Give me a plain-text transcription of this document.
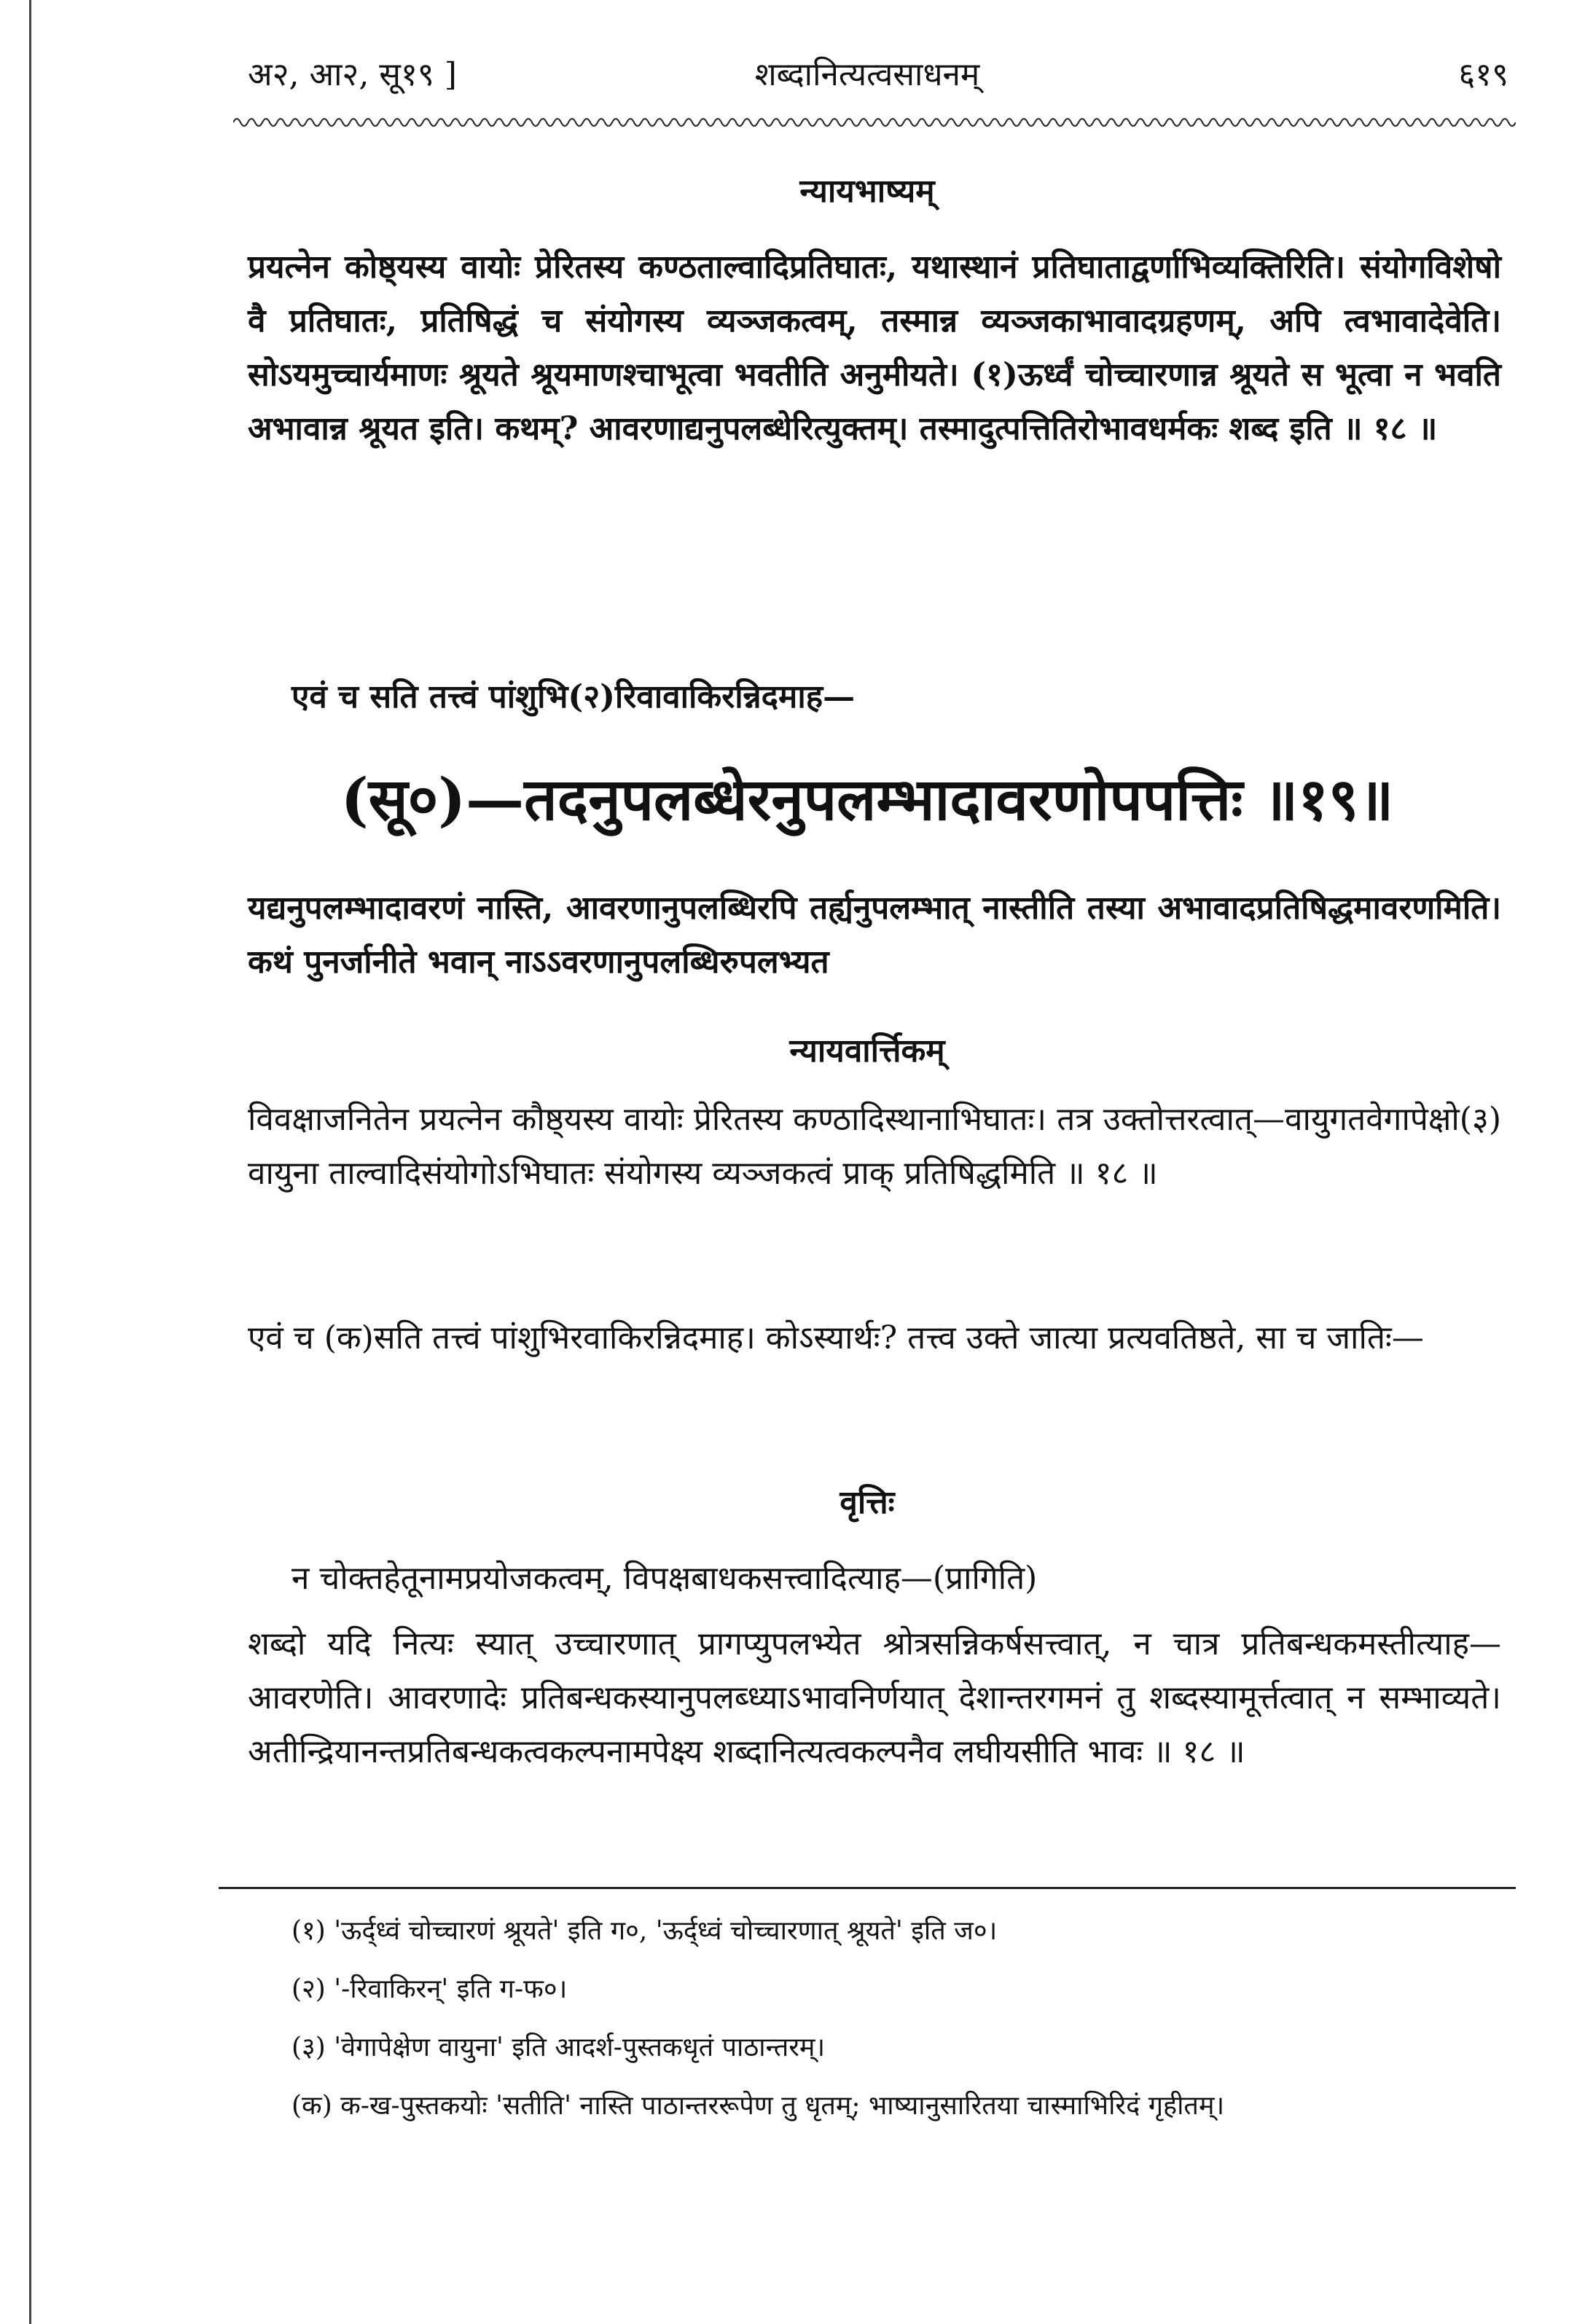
अ२, आ२, सू१९ ]	शब्दानित्यत्वसाधनम्	६१९
न्यायभाष्यम्
प्रयत्नेन कोष्ठ्यस्य वायोः प्रेरितस्य कण्ठताल्वादिप्रतिघातः, यथास्थानं प्रतिघाताद्वर्णाभिव्यक्तिरिति। संयोगविशेषो वै प्रतिघातः, प्रतिषिद्धं च संयोगस्य व्यञ्जकत्वम्, तस्मान्न व्यञ्जकाभावादग्रहणम्, अपि त्वभावादेवेति। सोऽयमुच्चार्यमाणः श्रूयते श्रूयमाणश्चाभूत्वा भवतीति अनुमीयते। (१)ऊर्ध्वं चोच्चारणान्न श्रूयते स भूत्वा न भवति अभावान्न श्रूयत इति। कथम्? आवरणाद्यनुपलब्धेरित्युक्तम्। तस्मादुत्पत्तितिरोभावधर्मकः शब्द इति ॥ १८ ॥
एवं च सति तत्त्वं पांशुभि(२)रिवावाकिरन्निदमाह—
(सू०)—तदनुपलब्धेरनुपलम्भादावरणोपपत्तिः ॥१९॥
यद्यनुपलम्भादावरणं नास्ति, आवरणानुपलब्धिरपि तर्ह्यनुपलम्भात् नास्तीति तस्या अभावादप्रतिषिद्धमावरणमिति। कथं पुनर्जानीते भवान् नाऽऽवरणानुपलब्धिरुपलभ्यत
न्यायवार्त्तिकम्
विवक्षाजनितेन प्रयत्नेन कौष्ठ्यस्य वायोः प्रेरितस्य कण्ठादिस्थानाभिघातः। तत्र उक्तोत्तरत्वात्—वायुगतवेगापेक्षो(३) वायुना ताल्वादिसंयोगोऽभिघातः संयोगस्य व्यञ्जकत्वं प्राक् प्रतिषिद्धमिति ॥ १८ ॥
एवं च (क)सति तत्त्वं पांशुभिरवाकिरन्निदमाह। कोऽस्यार्थः? तत्त्व उक्ते जात्या प्रत्यवतिष्ठते, सा च जातिः—
वृत्तिः
न चोक्तहेतूनामप्रयोजकत्वम्, विपक्षबाधकसत्त्वादित्याह—(प्रागिति)
शब्दो यदि नित्यः स्यात् उच्चारणात् प्रागप्युपलभ्येत श्रोत्रसन्निकर्षसत्त्वात्, न चात्र प्रतिबन्धकमस्तीत्याह—आवरणेति। आवरणादेः प्रतिबन्धकस्यानुपलब्ध्याऽभावनिर्णयात् देशान्तरगमनं तु शब्दस्यामूर्त्तत्वात् न सम्भाव्यते। अतीन्द्रियानन्तप्रतिबन्धकत्वकल्पनामपेक्ष्य शब्दानित्यत्वकल्पनैव लघीयसीति भावः ॥ १८ ॥
(१) 'ऊर्द्ध्वं चोच्चारणं श्रूयते' इति ग०, 'ऊर्द्ध्वं चोच्चारणात् श्रूयते' इति ज०।
(२) '-रिवाकिरन्' इति ग-फ०।
(३) 'वेगापेक्षेण वायुना' इति आदर्श-पुस्तकधृतं पाठान्तरम्।
(क) क-ख-पुस्तकयोः 'सतीति' नास्ति पाठान्तररूपेण तु धृतम्; भाष्यानुसारितया चास्माभिरिदं गृहीतम्।
